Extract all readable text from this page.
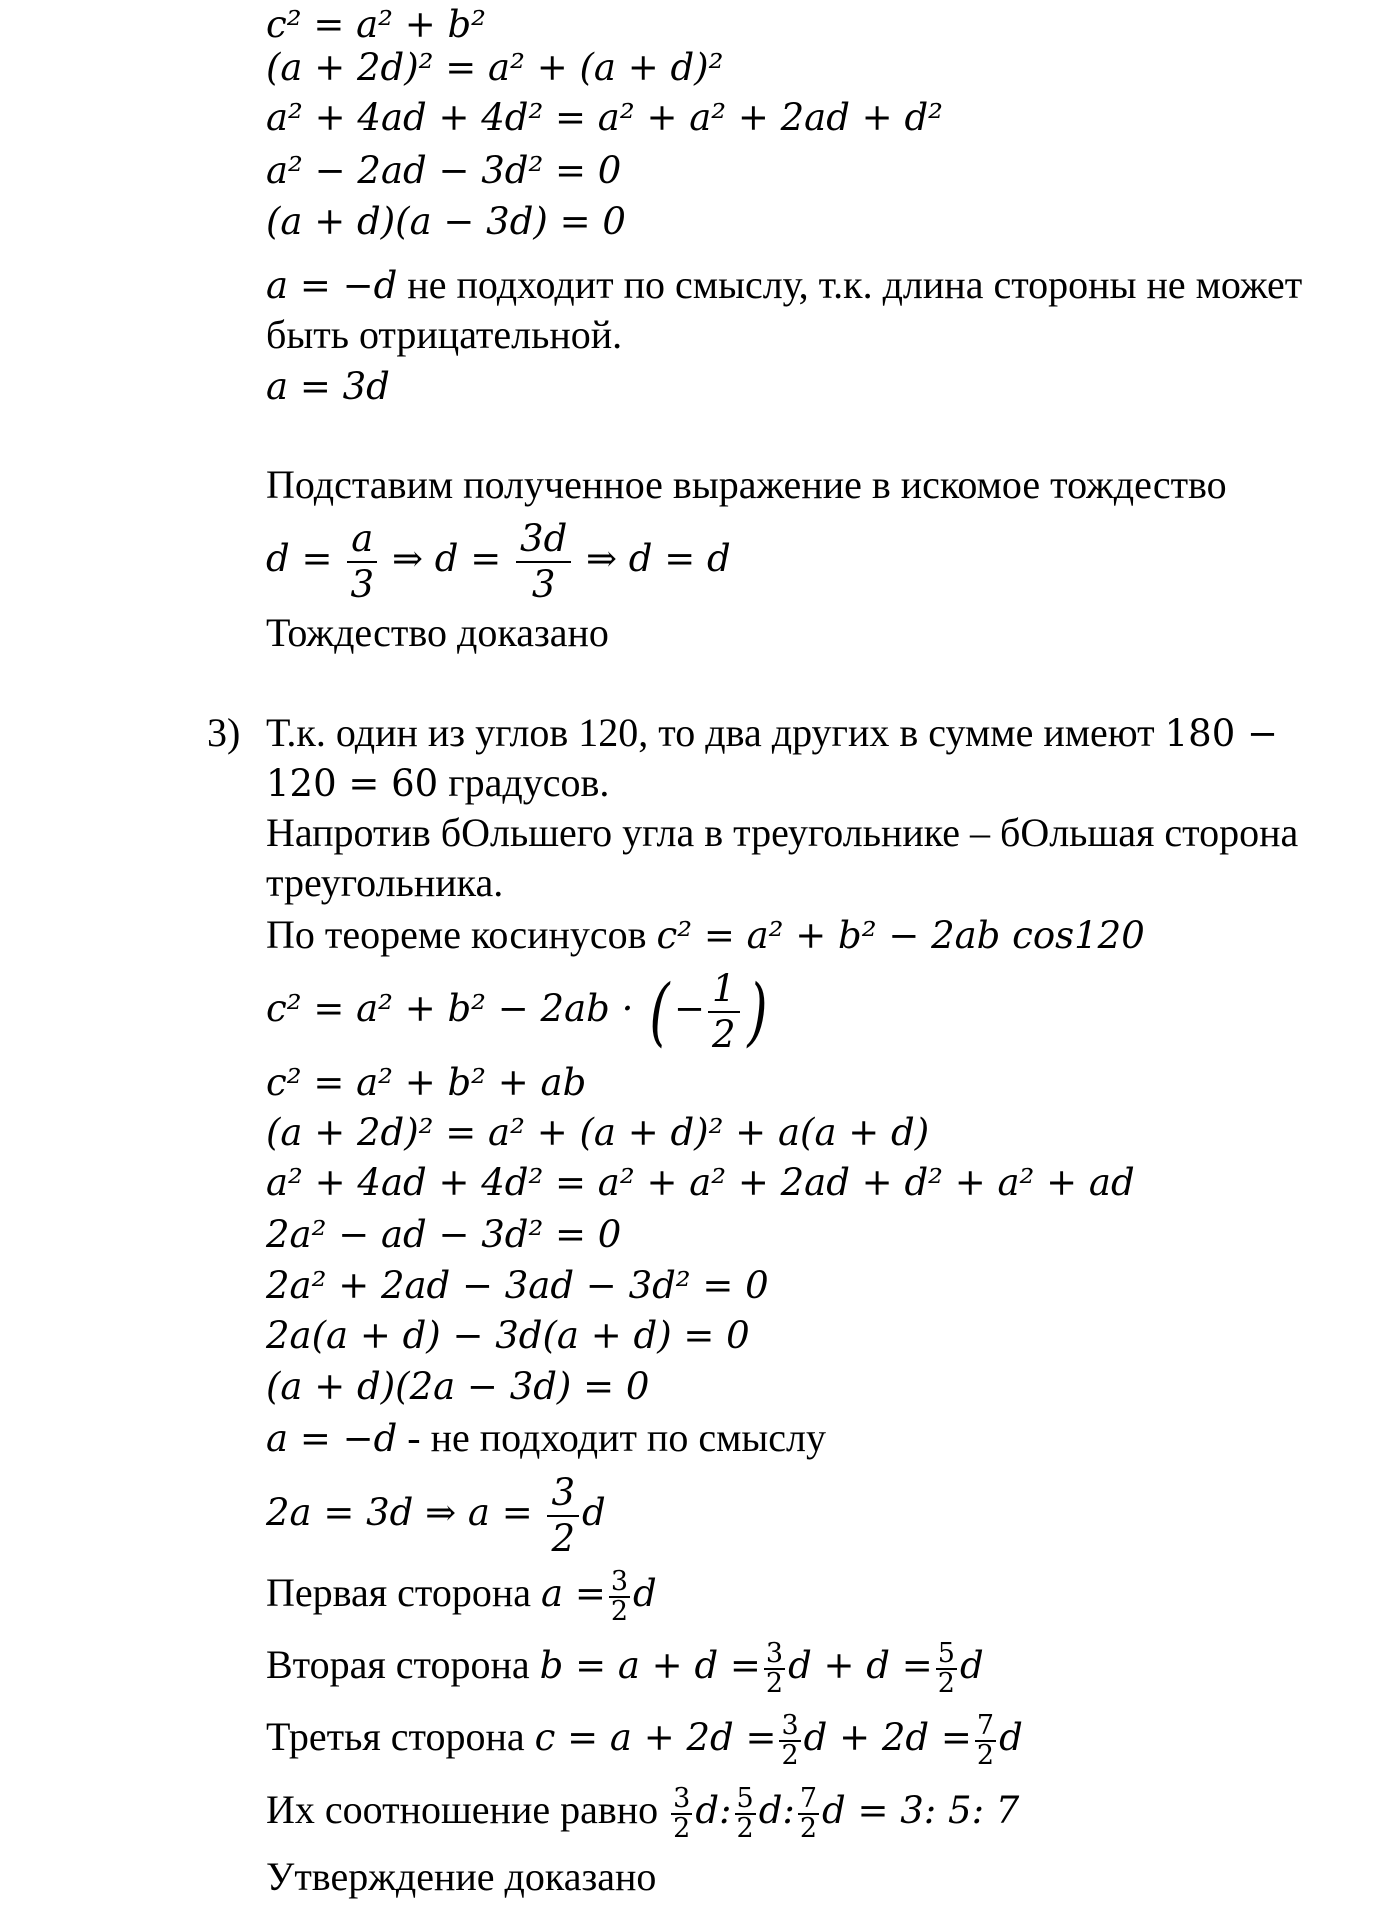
c² = a² + b²
(a + 2d)² = a² + (a + d)²
a² + 4ad + 4d² = a² + a² + 2ad + d²
a² − 2ad − 3d² = 0
(a + d)(a − 3d) = 0
a = −d не подходит по смыслу, т.к. длина стороны не может
быть отрицательной.
a = 3d
Подставим полученное выражение в искомое тождество
$d = \frac{a}{3}$ ⇒ $d = \frac{3d}{3}$ ⇒ d = d
Тождество доказано
3) Т.к. один из углов 120, то два других в сумме имеют 180 −
120 = 60 градусов.
Напротив бОльшего угла в треугольнике – бОльшая сторона
треугольника.
По теореме косинусов c² = a² + b² − 2ab cos120
c² = a² + b² − 2ab · ( − $\frac{1}{2}$ )
c² = a² + b² + ab
(a + 2d)² = a² + (a + d)² + a(a + d)
a² + 4ad + 4d² = a² + a² + 2ad + d² + a² + ad
2a² − ad − 3d² = 0
2a² + 2ad − 3ad − 3d² = 0
2a(a + d) − 3d(a + d) = 0
(a + d)(2a − 3d) = 0
a = −d - не подходит по смыслу
2a = 3d ⇒ $a = \frac{3}{2}$ d
Первая сторона $a = \frac{3}{2}$ d
Вторая сторона $b = a + d = \frac{3}{2}$ $d + d = \frac{5}{2}$ d
Третья сторона $c = a + 2d = \frac{3}{2}$ $d + 2d = \frac{7}{2}$ d
Их соотношение равно $\frac{3}{2} d$: $\frac{5}{2} d$: $\frac{7}{2}$ d = 3: 5: 7
Утверждение доказано
